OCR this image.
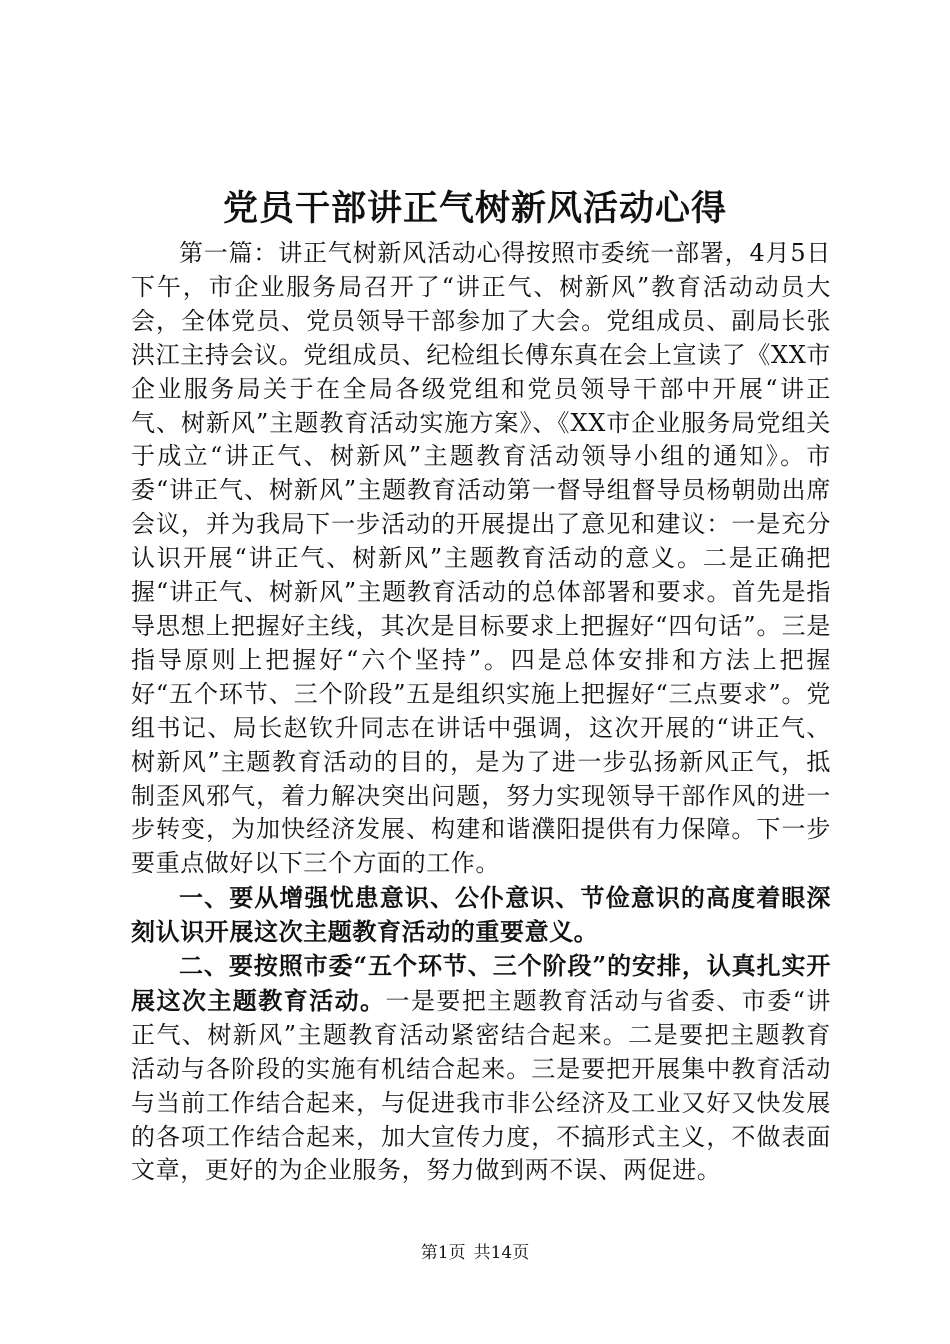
党员干部讲正气树新风活动心得

第一篇：讲正气树新风活动心得按照市委统一部署，4月5日下午，市企业服务局召开了“讲正气、树新风”教育活动动员大会，全体党员、党员领导干部参加了大会。党组成员、副局长张洪江主持会议。党组成员、纪检组长傅东真在会上宣读了《XX市企业服务局关于在全局各级党组和党员领导干部中开展“讲正气、树新风”主题教育活动实施方案》、《XX市企业服务局党组关于成立“讲正气、树新风”主题教育活动领导小组的通知》。市委“讲正气、树新风”主题教育活动第一督导组督导员杨朝勋出席会议，并为我局下一步活动的开展提出了意见和建议：一是充分认识开展“讲正气、树新风”主题教育活动的意义。二是正确把握“讲正气、树新风”主题教育活动的总体部署和要求。首先是指导思想上把握好主线，其次是目标要求上把握好“四句话”。三是指导原则上把握好“六个坚持”。四是总体安排和方法上把握好“五个环节、三个阶段”五是组织实施上把握好“三点要求”。党组书记、局长赵钦升同志在讲话中强调，这次开展的“讲正气、树新风”主题教育活动的目的，是为了进一步弘扬新风正气，抵制歪风邪气，着力解决突出问题，努力实现领导干部作风的进一步转变，为加快经济发展、构建和谐濮阳提供有力保障。下一步要重点做好以下三个方面的工作。

一、要从增强忧患意识、公仆意识、节俭意识的高度着眼深刻认识开展这次主题教育活动的重要意义。

二、要按照市委“五个环节、三个阶段”的安排，认真扎实开展这次主题教育活动。一是要把主题教育活动与省委、市委“讲正气、树新风”主题教育活动紧密结合起来。二是要把主题教育活动与各阶段的实施有机结合起来。三是要把开展集中教育活动与当前工作结合起来，与促进我市非公经济及工业又好又快发展的各项工作结合起来，加大宣传力度，不搞形式主义，不做表面文章，更好的为企业服务，努力做到两不误、两促进。

第1页 共14页
